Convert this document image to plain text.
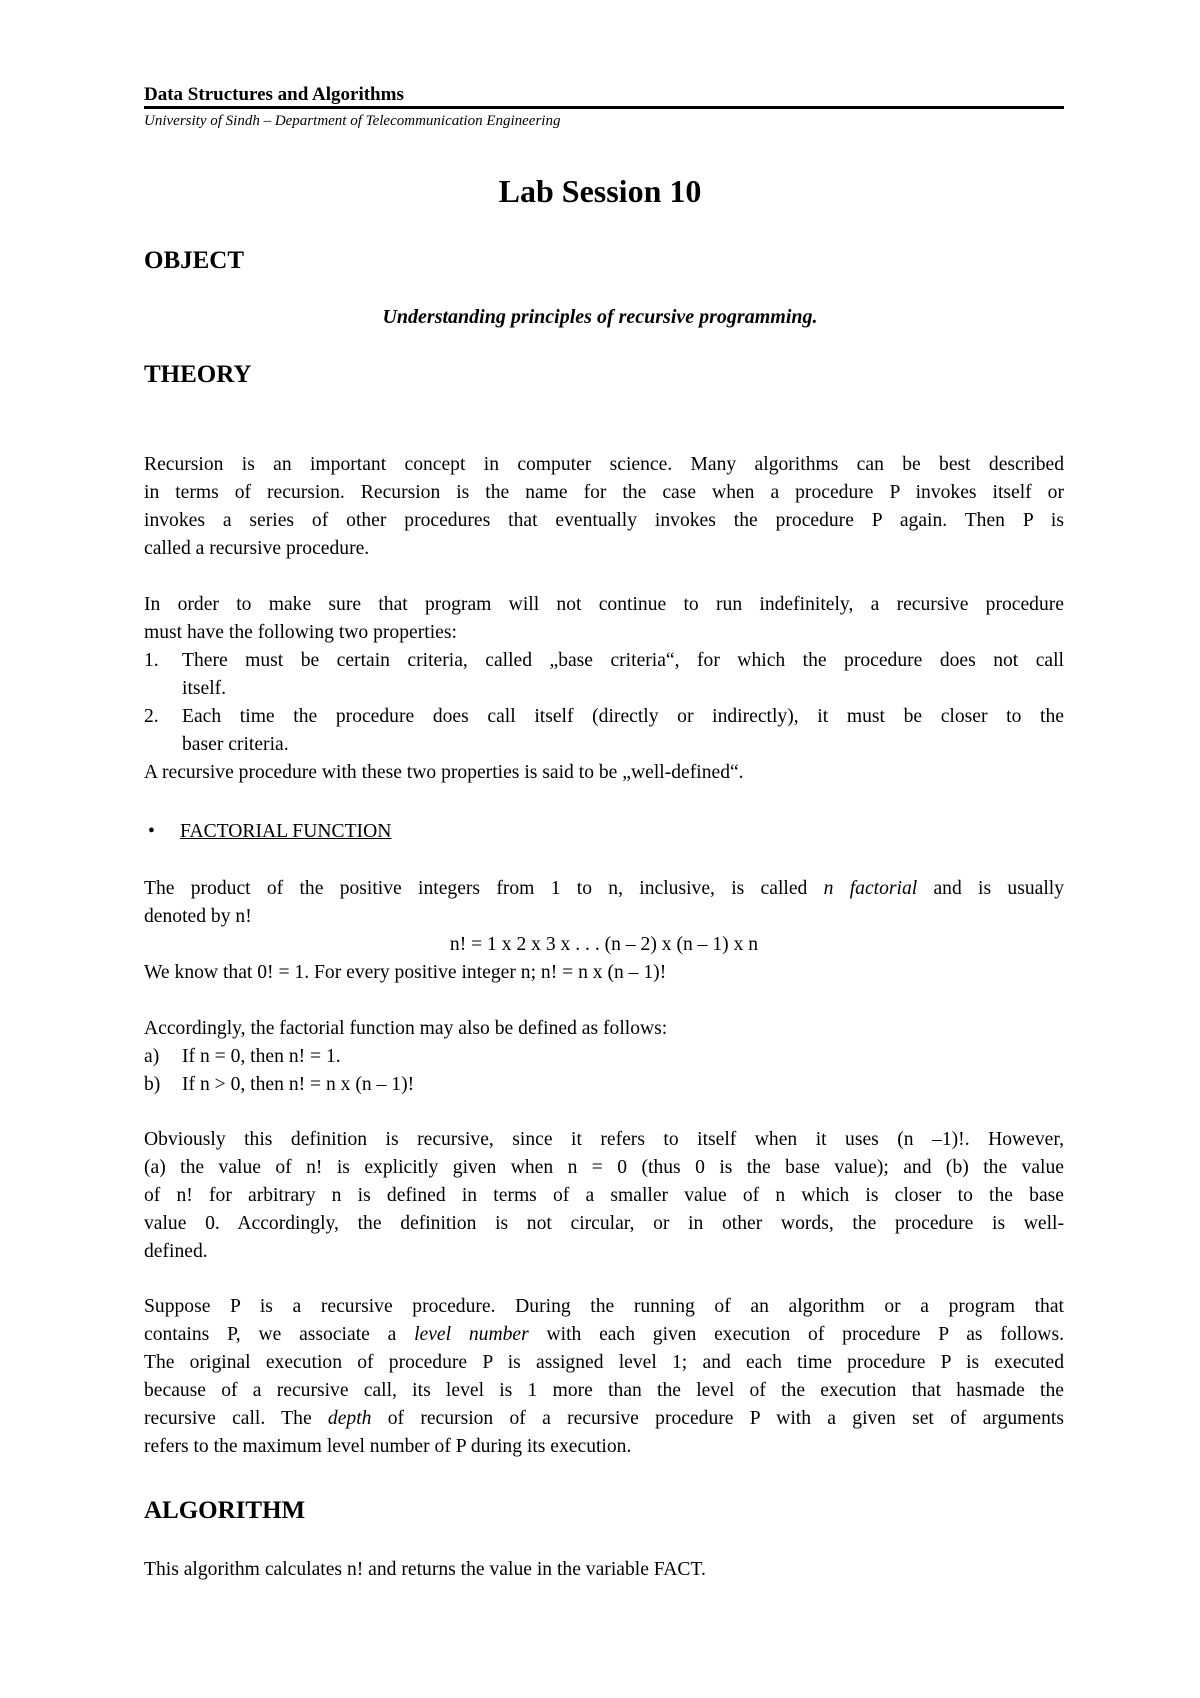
Data Structures and Algorithms
University of Sindh – Department of Telecommunication Engineering
Lab Session 10
OBJECT
Understanding principles of recursive programming.
THEORY
Recursion is an important concept in computer science. Many algorithms can be best described
in terms of recursion. Recursion is the name for the case when a procedure P invokes itself or
invokes a series of other procedures that eventually invokes the procedure P again. Then P is
called a recursive procedure.
In order to make sure that program will not continue to run indefinitely, a recursive procedure
must have the following two properties:
1. There must be certain criteria, called „base criteria“, for which the procedure does not call
itself.
2. Each time the procedure does call itself (directly or indirectly), it must be closer to the
baser criteria.
A recursive procedure with these two properties is said to be „well-defined“.
• FACTORIAL FUNCTION
The product of the positive integers from 1 to n, inclusive, is called n factorial and is usually
denoted by n!
n! = 1 x 2 x 3 x . . . (n – 2) x (n – 1) x n
We know that 0! = 1. For every positive integer n; n! = n x (n – 1)!
Accordingly, the factorial function may also be defined as follows:
a) If n = 0, then n! = 1.
b) If n > 0, then n! = n x (n – 1)!
Obviously this definition is recursive, since it refers to itself when it uses (n –1)!. However,
(a) the value of n! is explicitly given when n = 0 (thus 0 is the base value); and (b) the value
of n! for arbitrary n is defined in terms of a smaller value of n which is closer to the base
value 0. Accordingly, the definition is not circular, or in other words, the procedure is well-
defined.
Suppose P is a recursive procedure. During the running of an algorithm or a program that
contains P, we associate a level number with each given execution of procedure P as follows.
The original execution of procedure P is assigned level 1; and each time procedure P is executed
because of a recursive call, its level is 1 more than the level of the execution that hasmade the
recursive call. The depth of recursion of a recursive procedure P with a given set of arguments
refers to the maximum level number of P during its execution.
ALGORITHM
This algorithm calculates n! and returns the value in the variable FACT.
